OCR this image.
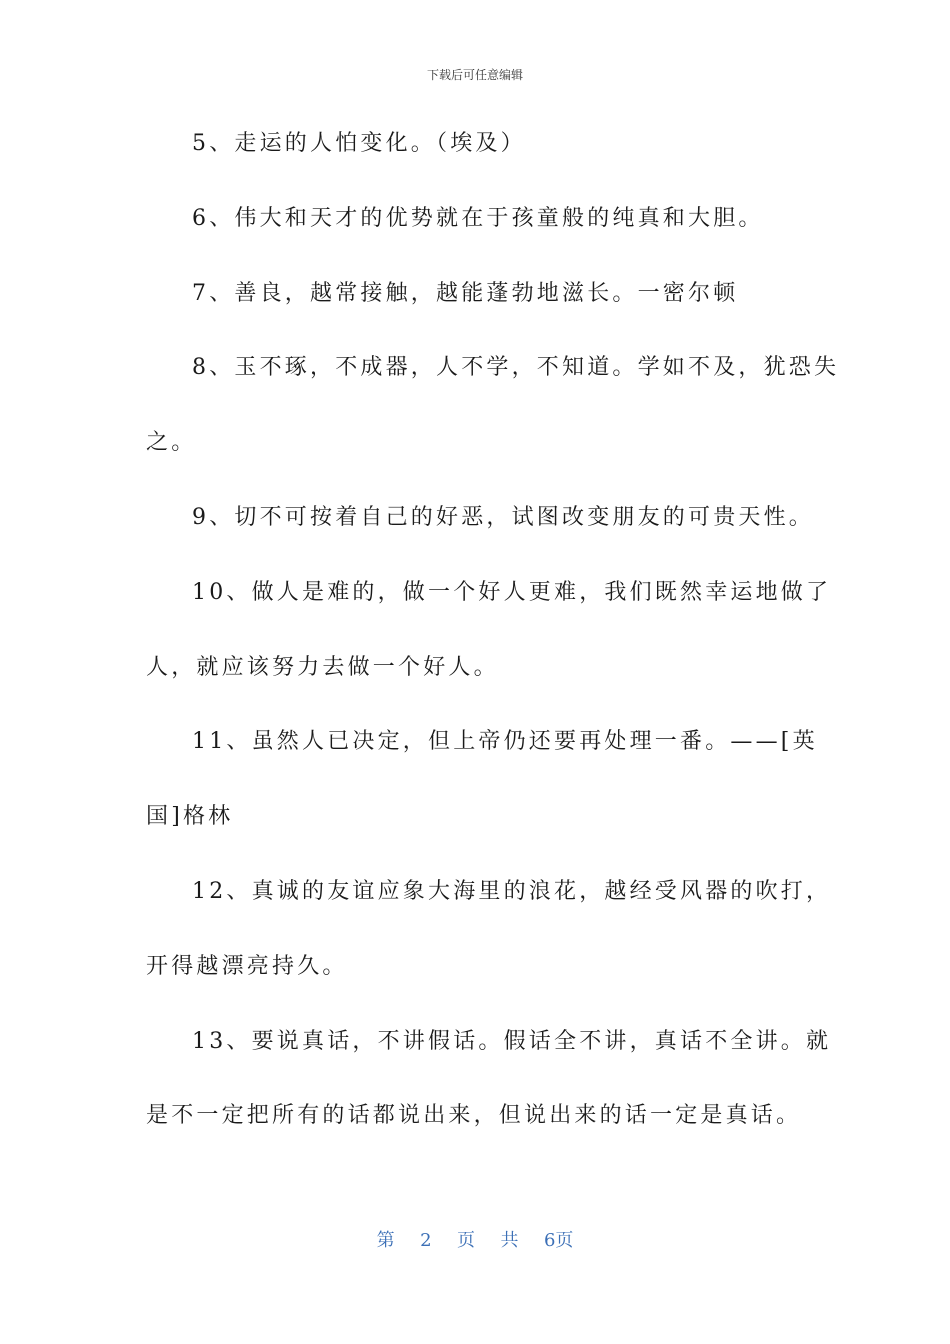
下载后可任意编辑
5、走运的人怕变化。（埃及）
6、伟大和天才的优势就在于孩童般的纯真和大胆。
7、善良，越常接触，越能蓬勃地滋长。一密尔顿
8、玉不琢，不成器，人不学，不知道。学如不及，犹恐失
之。
9、切不可按着自己的好恶，试图改变朋友的可贵天性。
10、做人是难的，做一个好人更难，我们既然幸运地做了
人，就应该努力去做一个好人。
11、虽然人已决定，但上帝仍还要再处理一番。——[英
国]格林
12、真诚的友谊应象大海里的浪花，越经受风器的吹打，
开得越漂亮持久。
13、要说真话，不讲假话。假话全不讲，真话不全讲。就
是不一定把所有的话都说出来，但说出来的话一定是真话。
第 2 页 共 6页
